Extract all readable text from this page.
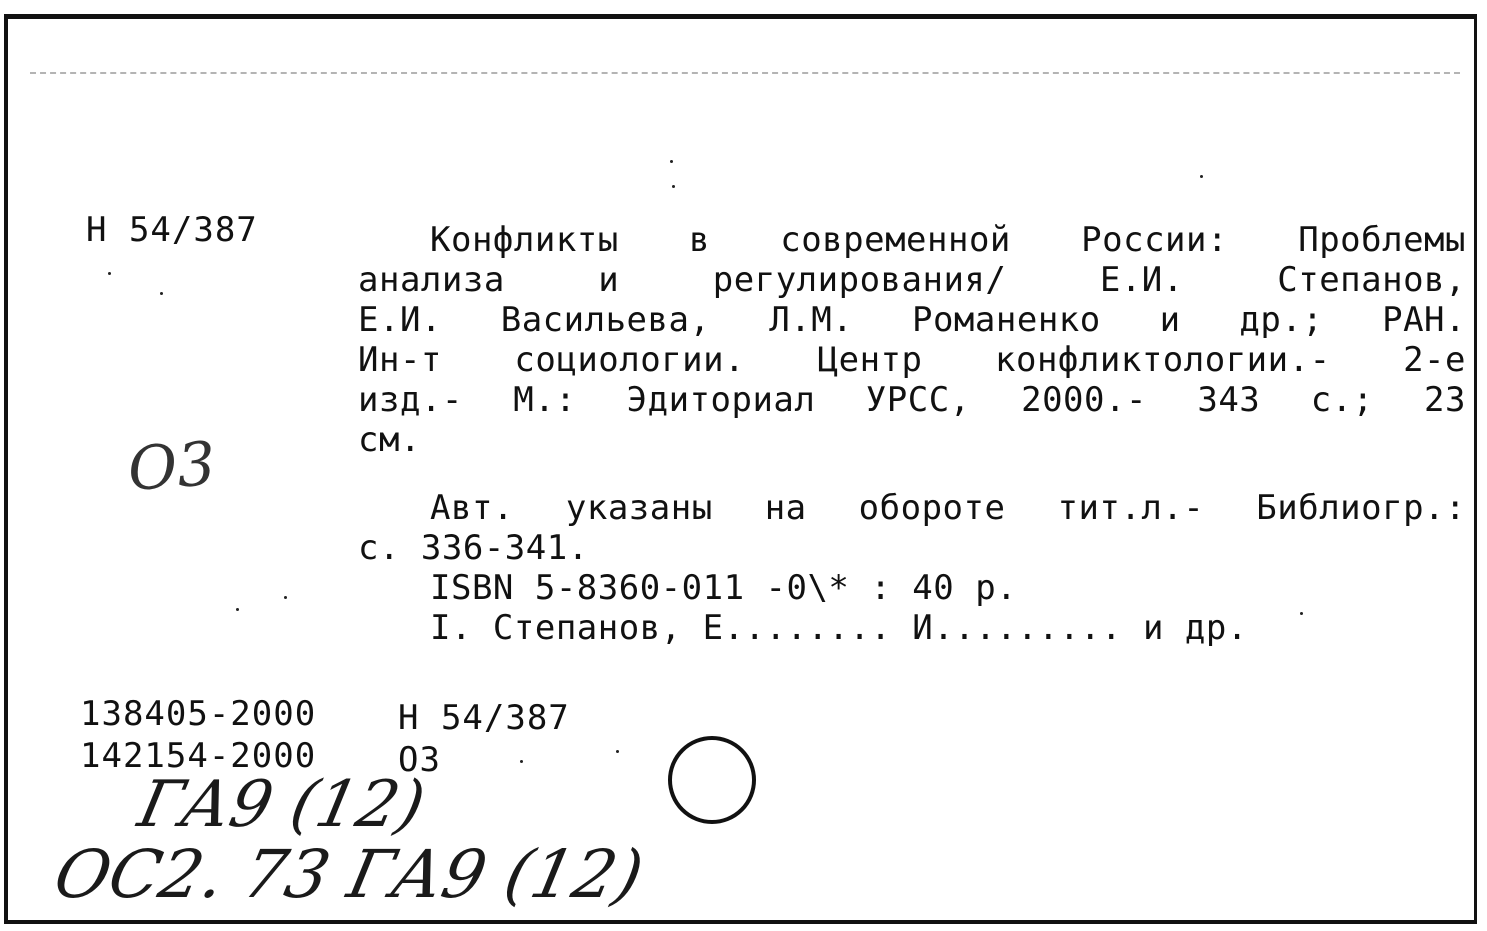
Н 54/387	Конфликты в современной России: Проблемы
анализа и регулирования/ Е.И. Степанов,
Е.И. Васильева, Л.М. Романенко и др.; РАН.
Ин-т социологии. Центр конфликтологии.- 2-е
изд.- М.: Эдиториал УРСС, 2000.- 343 с.; 23
см.
Авт. указаны на обороте тит.л.- Библиогр.:
с. 336-341.
ISBN 5-8360-011 -0\* : 40 р.
I. Степанов, Е........ И......... и др.

138405-2000

142154-2000

Н 54/387

О3

О3

ГА9 (12)

ОС2. 73 ГА9 (12)
